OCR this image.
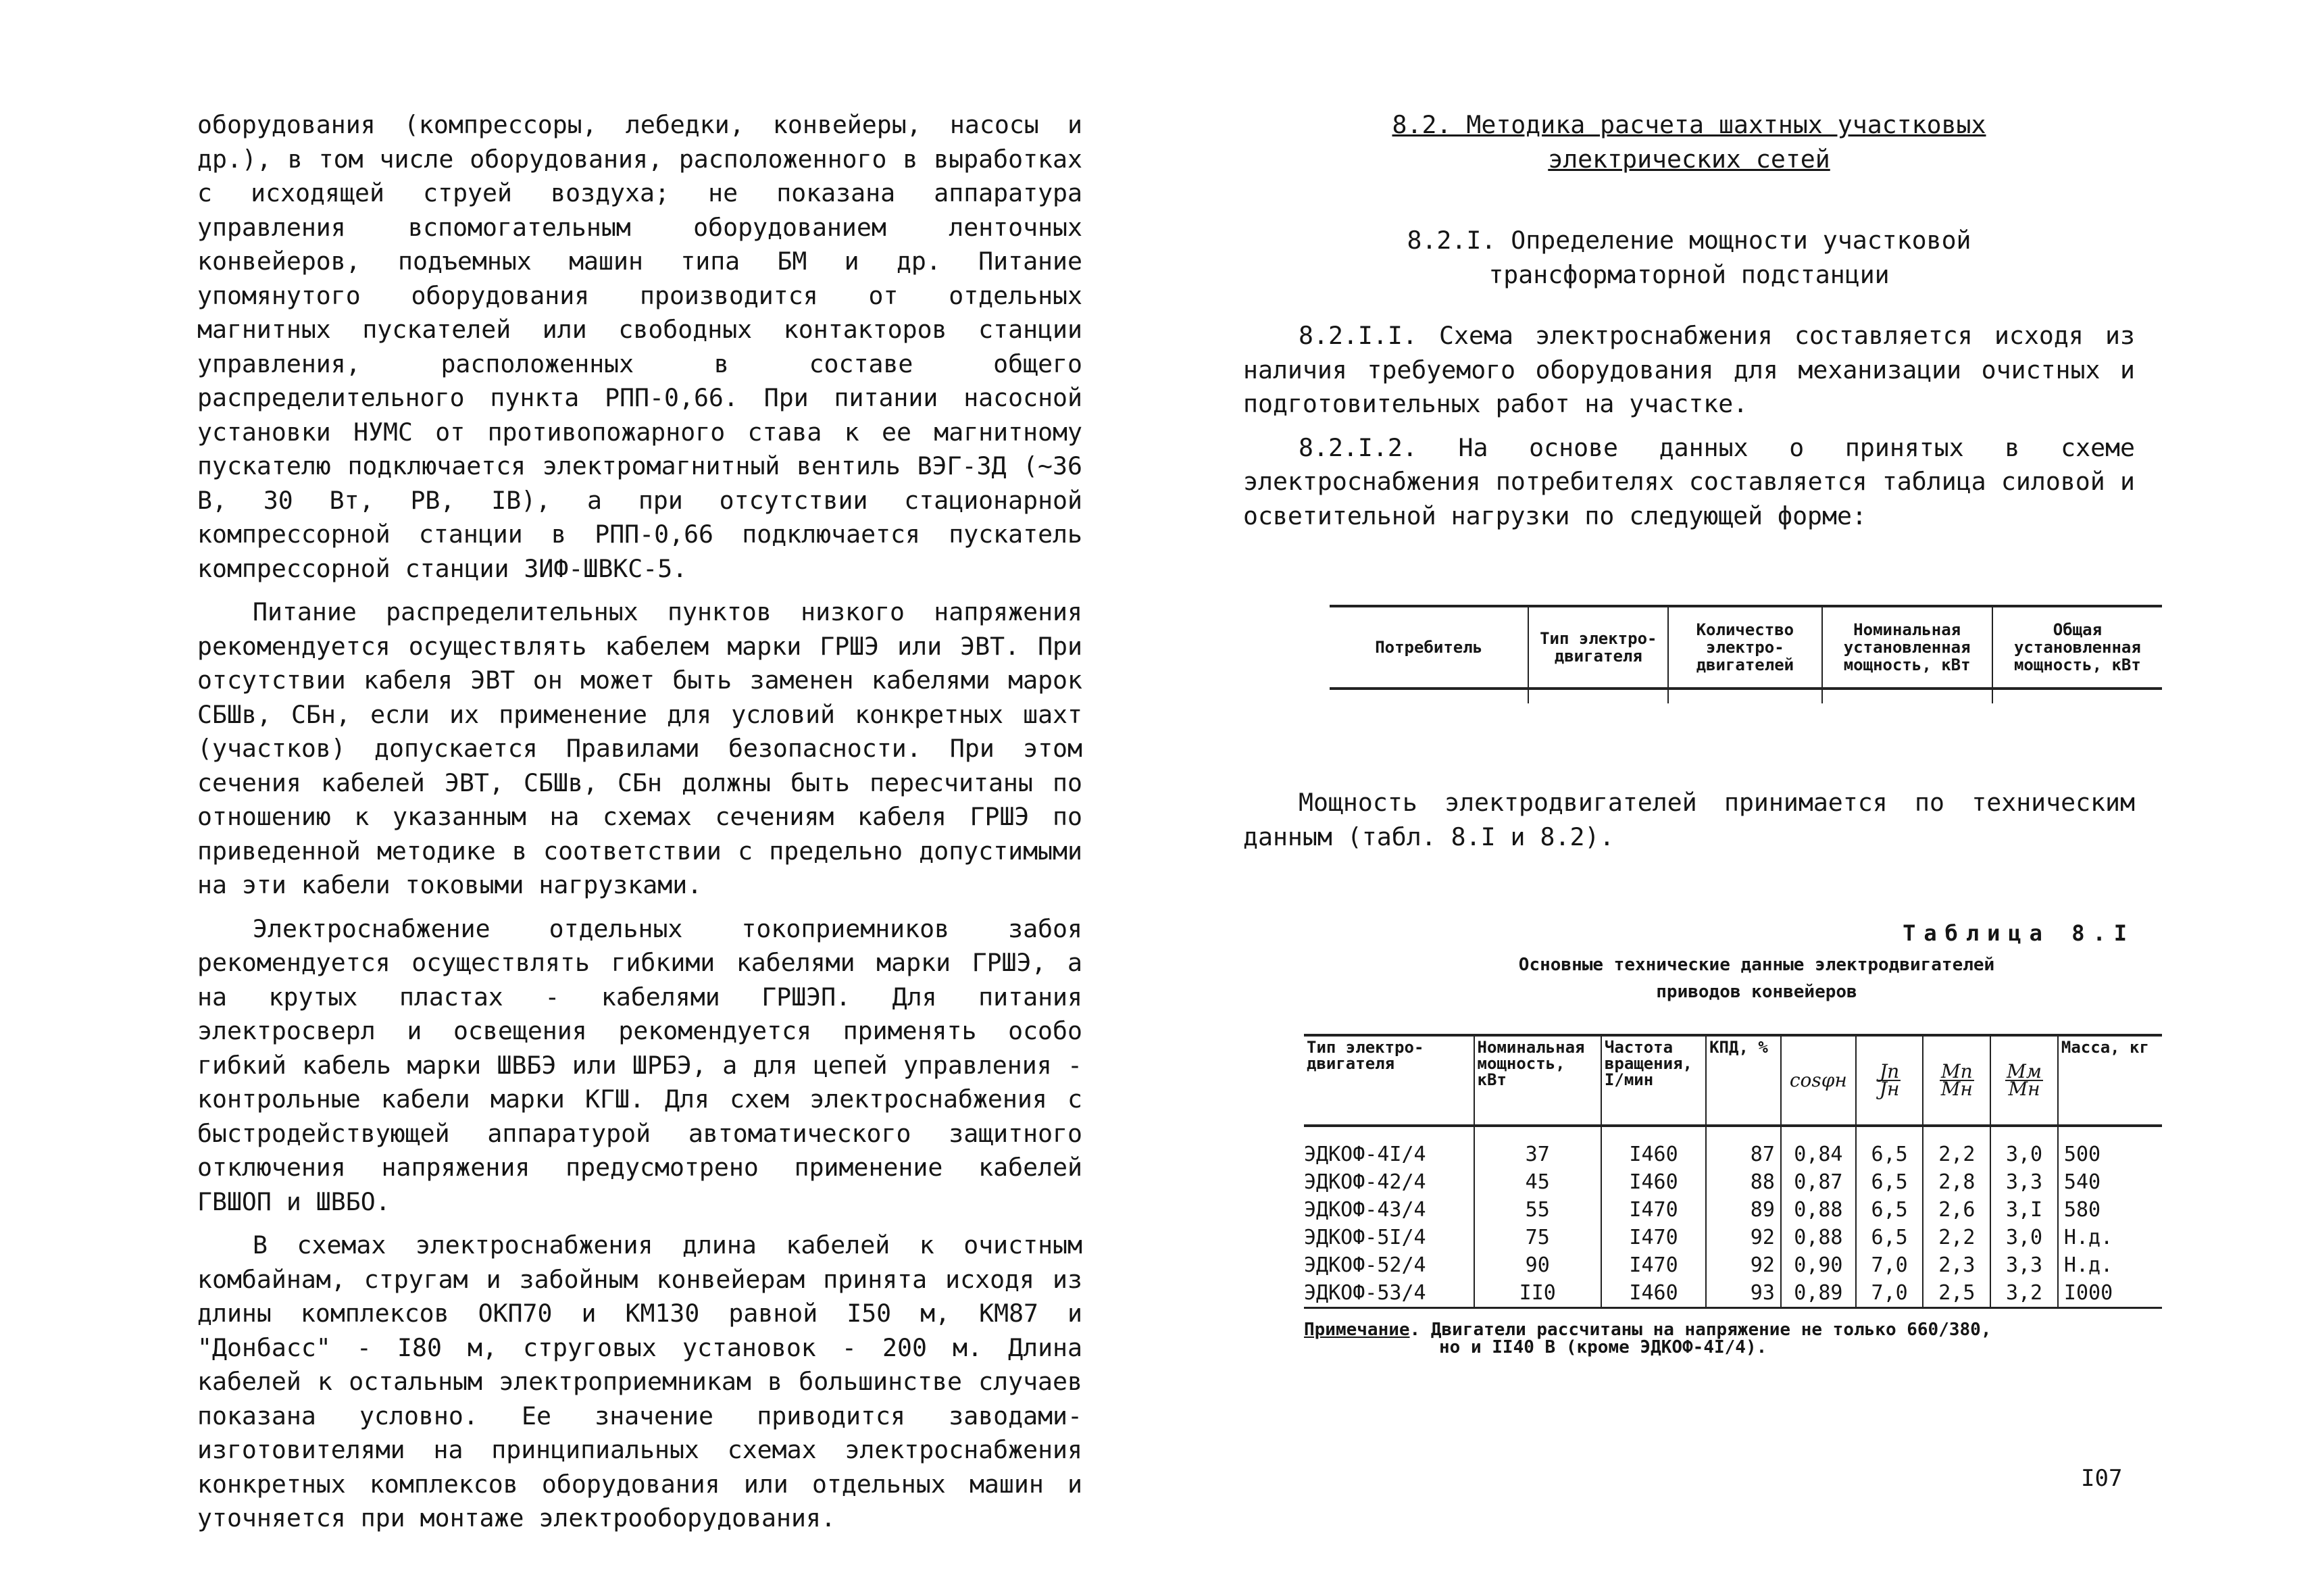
оборудования (компрессоры, лебедки, конвейеры, насосы и др.), в том числе оборудования, расположенного в выработках с исходящей струей воздуха; не показана аппаратура управления вспомогательным оборудованием ленточных конвейеров, подъемных машин типа БМ и др. Питание упомянутого оборудования производится от отдельных магнитных пускателей или свободных контакторов станции управления, расположенных в составе общего распределительного пункта РПП-0,66. При питании насосной установки НУМС от противопожарного става к ее магнитному пускателю подключается электромагнитный вентиль ВЭГ-3Д (~36 В, 30 Вт, РВ, IВ), а при отсутствии стационарной компрессорной станции в РПП-0,66 подключается пускатель компрессорной станции ЗИФ-ШВКС-5.

Питание распределительных пунктов низкого напряжения рекомендуется осуществлять кабелем марки ГРШЭ или ЭВТ. При отсутствии кабеля ЭВТ он может быть заменен кабелями марок СБШв, СБн, если их применение для условий конкретных шахт (участков) допускается Правилами безопасности. При этом сечения кабелей ЭВТ, СБШв, СБн должны быть пересчитаны по отношению к указанным на схемах сечениям кабеля ГРШЭ по приведенной методике в соответствии с предельно допустимыми на эти кабели токовыми нагрузками.

Электроснабжение отдельных токоприемников забоя рекомендуется осуществлять гибкими кабелями марки ГРШЭ, а на крутых пластах - кабелями ГРШЭП. Для питания электросверл и освещения рекомендуется применять особо гибкий кабель марки ШВБЭ или ШРБЭ, а для цепей управления - контрольные кабели марки КГШ. Для схем электроснабжения с быстродействующей аппаратурой автоматического защитного отключения напряжения предусмотрено применение кабелей ГВШОП и ШВБО.

В схемах электроснабжения длина кабелей к очистным комбайнам, стругам и забойным конвейерам принята исходя из длины комплексов ОКП70 и КМ130 равной I50 м, КМ87 и "Донбасс" - I80 м, струговых установок - 200 м. Длина кабелей к остальным электроприемникам в большинстве случаев показана условно. Ее значение приводится заводами-изготовителями на принципиальных схемах электроснабжения конкретных комплексов оборудования или отдельных машин и уточняется при монтаже электрооборудования.

8.2. Методика расчета шахтных участковых
электрических сетей

8.2.I. Определение мощности участковой
трансформаторной подстанции

8.2.I.I. Схема электроснабжения составляется исходя из наличия требуемого оборудования для механизации очистных и подготовительных работ на участке.

8.2.I.2. На основе данных о принятых в схеме электроснабжения потребителях составляется таблица силовой и осветительной нагрузки по следующей форме:

Потребитель	Тип электро-двигателя	Количество электро-двигателей	Номинальная установленная мощность, кВт	Общая установленная мощность, кВт

Мощность электродвигателей принимается по техническим данным (табл. 8.I и 8.2).

Таблица 8.I
Основные технические данные электродвигателей
приводов конвейеров
Тип электро-двигателя	Номинальная мощность, кВт	Частота вращения, I/мин	КПД, %	cosφн	$\frac{Jп}{Jн}$	$\frac{Мп}{Мн}$	$\frac{Мм}{Мн}$	Масса, кг
ЭДКОФ-4I/4	37	I460	87	0,84	6,5	2,2	3,0	500
ЭДКОФ-42/4	45	I460	88	0,87	6,5	2,8	3,3	540
ЭДКОФ-43/4	55	I470	89	0,88	6,5	2,6	3,I	580
ЭДКОФ-5I/4	75	I470	92	0,88	6,5	2,2	3,0	Н.д.
ЭДКОФ-52/4	90	I470	92	0,90	7,0	2,3	3,3	Н.д.
ЭДКОФ-53/4	II0	I460	93	0,89	7,0	2,5	3,2	I000
Примечание. Двигатели рассчитаны на напряжение не только 660/380,
но и II40 В (кроме ЭДКОФ-4I/4).
I07
